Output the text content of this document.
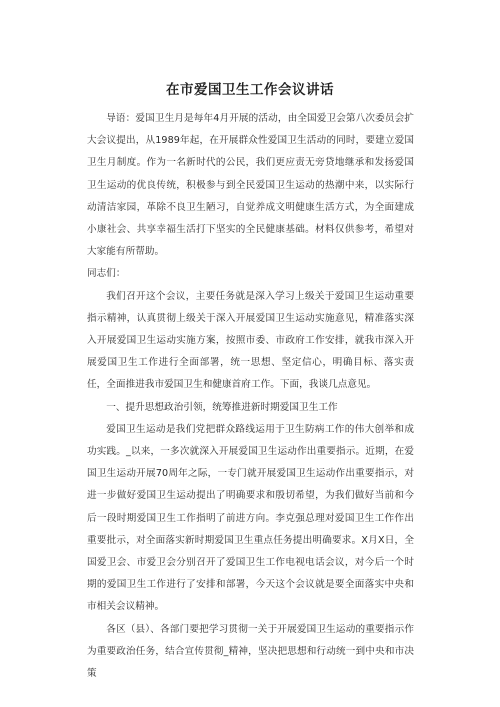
在市爱国卫生工作会议讲话

导语：爱国卫生月是每年4月开展的活动，由全国爱卫会第八次委员会扩大会议提出，从1989年起，在开展群众性爱国卫生活动的同时，要建立爱国卫生月制度。作为一名新时代的公民，我们更应责无旁贷地继承和发扬爱国卫生运动的优良传统，积极参与到全民爱国卫生运动的热潮中来，以实际行动清洁家园，革除不良卫生陋习，自觉养成文明健康生活方式，为全面建成小康社会、共享幸福生活打下坚实的全民健康基础。材料仅供参考，希望对大家能有所帮助。

同志们：

我们召开这个会议，主要任务就是深入学习上级关于爱国卫生运动重要指示精神，认真贯彻上级关于深入开展爱国卫生运动实施意见，精准落实深入开展爱国卫生运动实施方案，按照市委、市政府工作安排，就我市深入开展爱国卫生工作进行全面部署，统一思想、坚定信心，明确目标、落实责任，全面推进我市爱国卫生和健康首府工作。下面，我谈几点意见。

一、提升思想政治引领，统筹推进新时期爱国卫生工作

爱国卫生运动是我们党把群众路线运用于卫生防病工作的伟大创举和成功实践。_以来，一多次就深入开展爱国卫生运动作出重要指示。近期，在爱国卫生运动开展70周年之际，一专门就开展爱国卫生运动作出重要指示，对进一步做好爱国卫生运动提出了明确要求和殷切希望，为我们做好当前和今后一段时期爱国卫生工作指明了前进方向。李克强总理对爱国卫生工作作出重要批示，对全面落实新时期爱国卫生重点任务提出明确要求。X月X日，全国爱卫会、市爱卫会分别召开了爱国卫生工作电视电话会议，对今后一个时期的爱国卫生工作进行了安排和部署，今天这个会议就是要全面落实中央和市相关会议精神。

各区（县）、各部门要把学习贯彻一关于开展爱国卫生运动的重要指示作为重要政治任务，结合宣传贯彻_精神，坚决把思想和行动统一到中央和市决策
